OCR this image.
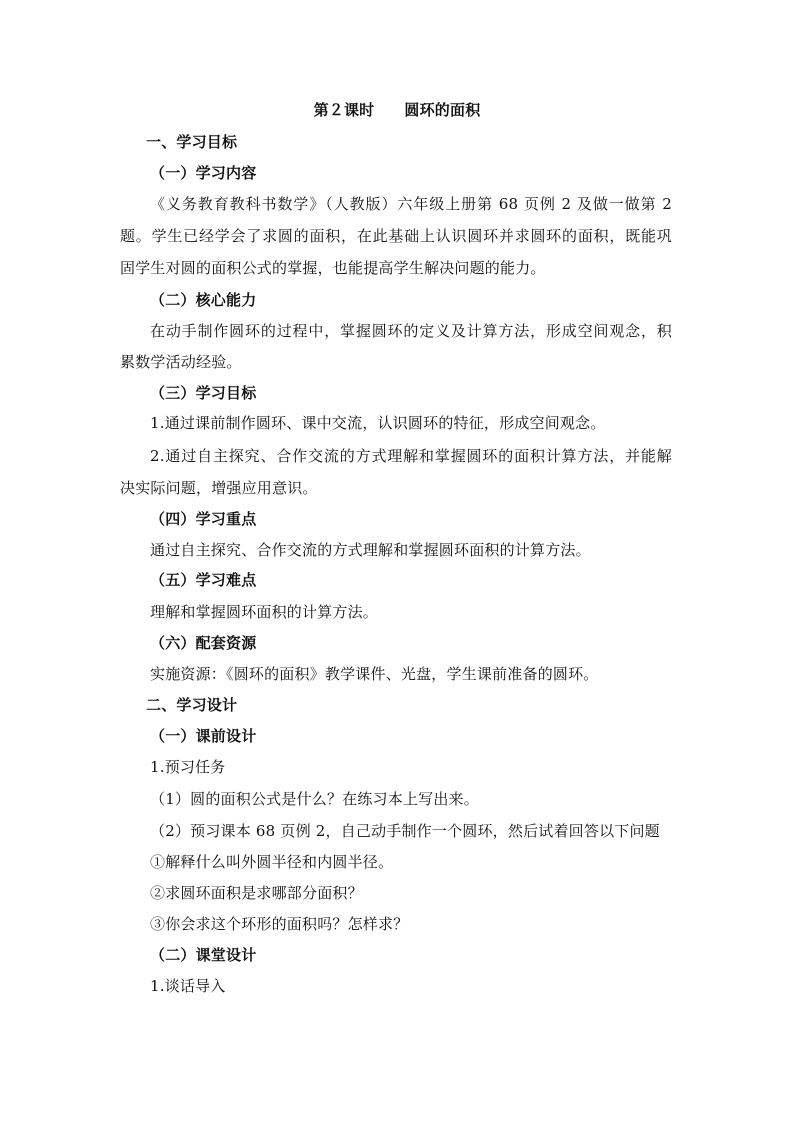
第２课时 圆环的面积
一、学习目标
（一）学习内容
《义务教育教科书数学》（人教版）六年级上册第 68 页例 2 及做一做第 2
题。学生已经学会了求圆的面积，在此基础上认识圆环并求圆环的面积，既能巩
固学生对圆的面积公式的掌握，也能提高学生解决问题的能力。
（二）核心能力
在动手制作圆环的过程中，掌握圆环的定义及计算方法，形成空间观念，积
累数学活动经验。
（三）学习目标
1.通过课前制作圆环、课中交流，认识圆环的特征，形成空间观念。
2.通过自主探究、合作交流的方式理解和掌握圆环的面积计算方法，并能解
决实际问题，增强应用意识。
（四）学习重点
通过自主探究、合作交流的方式理解和掌握圆环面积的计算方法。
（五）学习难点
理解和掌握圆环面积的计算方法。
（六）配套资源
实施资源：《圆环的面积》教学课件、光盘，学生课前准备的圆环。
二、学习设计
（一）课前设计
1.预习任务
（1）圆的面积公式是什么？在练习本上写出来。
（2）预习课本 68 页例 2，自己动手制作一个圆环，然后试着回答以下问题
①解释什么叫外圆半径和内圆半径。
②求圆环面积是求哪部分面积？
③你会求这个环形的面积吗？怎样求？
（二）课堂设计
1.谈话导入
